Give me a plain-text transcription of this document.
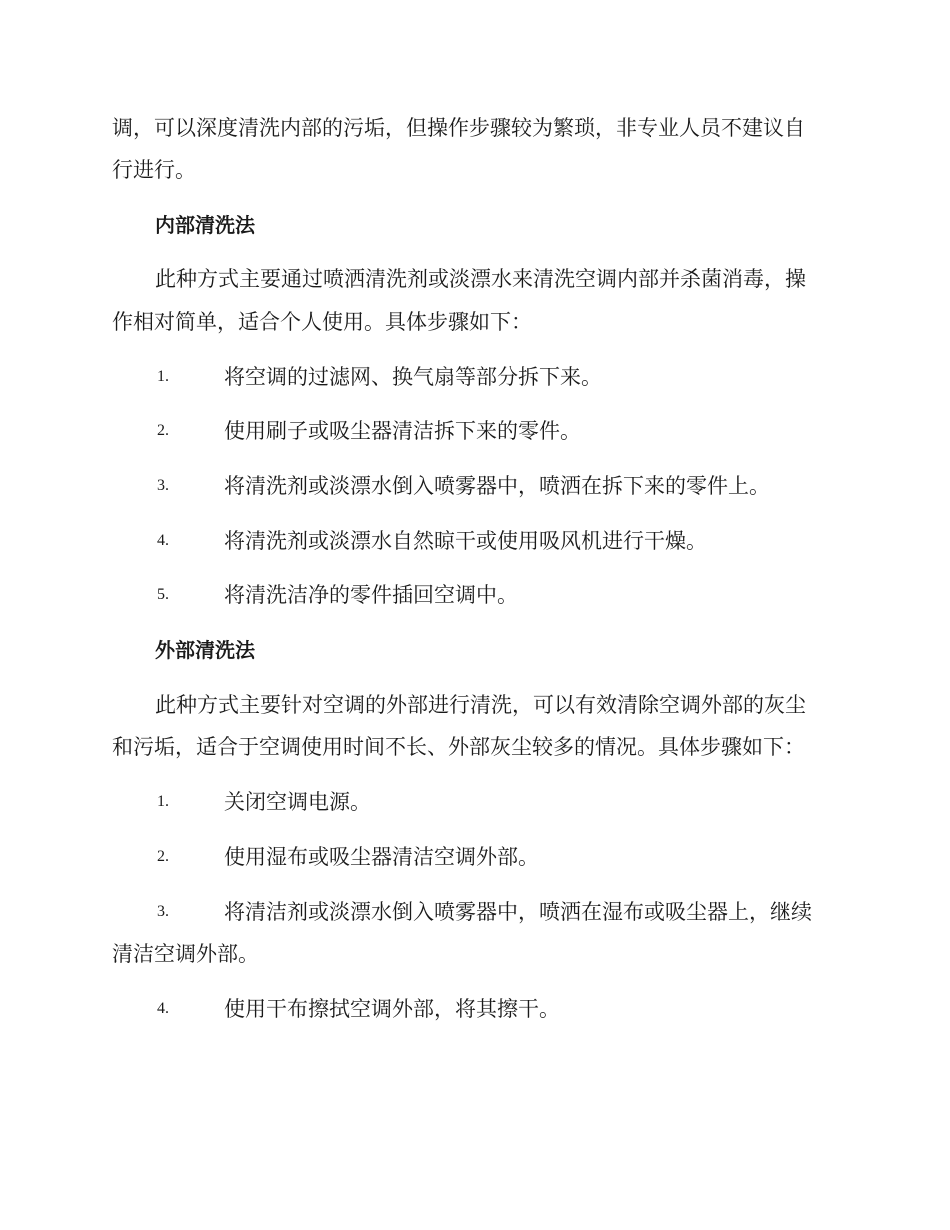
调，可以深度清洗内部的污垢，但操作步骤较为繁琐，非专业人员不建议自
行进行。
内部清洗法
此种方式主要通过喷洒清洗剂或淡漂水来清洗空调内部并杀菌消毒，操
作相对简单，适合个人使用。具体步骤如下：
1.	将空调的过滤网、换气扇等部分拆下来。
2.	使用刷子或吸尘器清洁拆下来的零件。
3.	将清洗剂或淡漂水倒入喷雾器中，喷洒在拆下来的零件上。
4.	将清洗剂或淡漂水自然晾干或使用吸风机进行干燥。
5.	将清洗洁净的零件插回空调中。
外部清洗法
此种方式主要针对空调的外部进行清洗，可以有效清除空调外部的灰尘
和污垢，适合于空调使用时间不长、外部灰尘较多的情况。具体步骤如下：
1.	关闭空调电源。
2.	使用湿布或吸尘器清洁空调外部。
3.	将清洁剂或淡漂水倒入喷雾器中，喷洒在湿布或吸尘器上，继续
清洁空调外部。
4.	使用干布擦拭空调外部，将其擦干。
